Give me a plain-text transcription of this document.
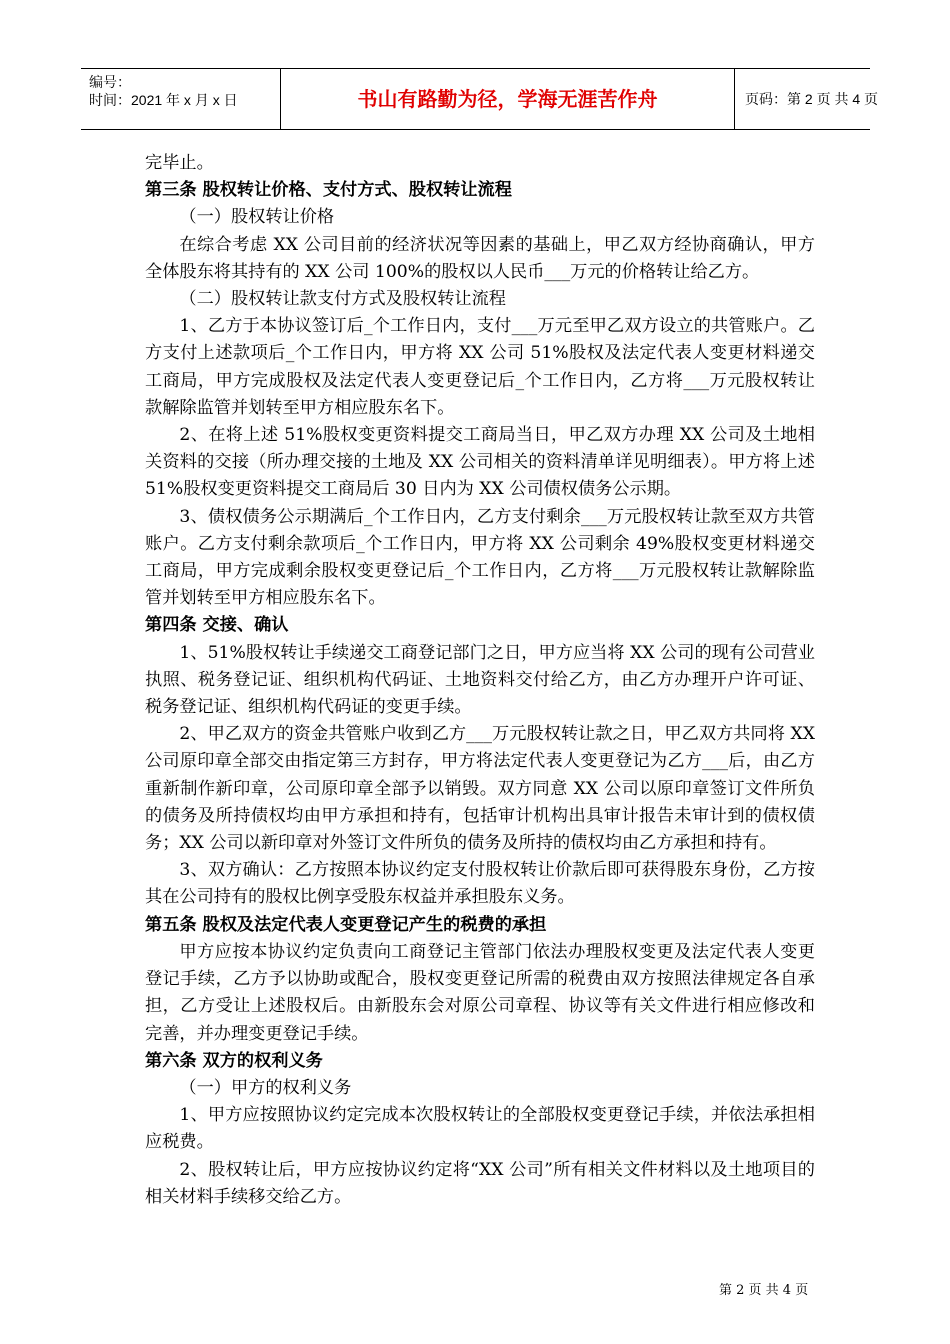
编号：
时间：2021 年 x 月 x 日	书山有路勤为径，学海无涯苦作舟	页码：第 2 页 共 4 页

完毕止。

第三条 股权转让价格、支付方式、股权转让流程

（一）股权转让价格

在综合考虑 XX 公司目前的经济状况等因素的基础上，甲乙双方经协商确认，甲方全体股东将其持有的 XX 公司 100%的股权以人民币___万元的价格转让给乙方。

（二）股权转让款支付方式及股权转让流程

1、乙方于本协议签订后_个工作日内，支付___万元至甲乙双方设立的共管账户。乙方支付上述款项后_个工作日内，甲方将 XX 公司 51%股权及法定代表人变更材料递交工商局，甲方完成股权及法定代表人变更登记后_个工作日内，乙方将___万元股权转让款解除监管并划转至甲方相应股东名下。

2、在将上述 51%股权变更资料提交工商局当日，甲乙双方办理 XX 公司及土地相关资料的交接（所办理交接的土地及 XX 公司相关的资料清单详见明细表）。甲方将上述 51%股权变更资料提交工商局后 30 日内为 XX 公司债权债务公示期。

3、债权债务公示期满后_个工作日内，乙方支付剩余___万元股权转让款至双方共管账户。乙方支付剩余款项后_个工作日内，甲方将 XX 公司剩余 49%股权变更材料递交工商局，甲方完成剩余股权变更登记后_个工作日内，乙方将___万元股权转让款解除监管并划转至甲方相应股东名下。

第四条 交接、确认

1、51%股权转让手续递交工商登记部门之日，甲方应当将 XX 公司的现有公司营业执照、税务登记证、组织机构代码证、土地资料交付给乙方，由乙方办理开户许可证、税务登记证、组织机构代码证的变更手续。

2、甲乙双方的资金共管账户收到乙方___万元股权转让款之日，甲乙双方共同将 XX 公司原印章全部交由指定第三方封存，甲方将法定代表人变更登记为乙方___后，由乙方重新制作新印章，公司原印章全部予以销毁。双方同意 XX 公司以原印章签订文件所负的债务及所持债权均由甲方承担和持有，包括审计机构出具审计报告未审计到的债权债务；XX 公司以新印章对外签订文件所负的债务及所持的债权均由乙方承担和持有。

3、双方确认：乙方按照本协议约定支付股权转让价款后即可获得股东身份，乙方按其在公司持有的股权比例享受股东权益并承担股东义务。

第五条 股权及法定代表人变更登记产生的税费的承担

甲方应按本协议约定负责向工商登记主管部门依法办理股权变更及法定代表人变更登记手续，乙方予以协助或配合，股权变更登记所需的税费由双方按照法律规定各自承担，乙方受让上述股权后。由新股东会对原公司章程、协议等有关文件进行相应修改和完善，并办理变更登记手续。

第六条 双方的权利义务

（一）甲方的权利义务

1、甲方应按照协议约定完成本次股权转让的全部股权变更登记手续，并依法承担相应税费。

2、股权转让后，甲方应按协议约定将“XX 公司”所有相关文件材料以及土地项目的相关材料手续移交给乙方。

第 2 页 共 4 页
